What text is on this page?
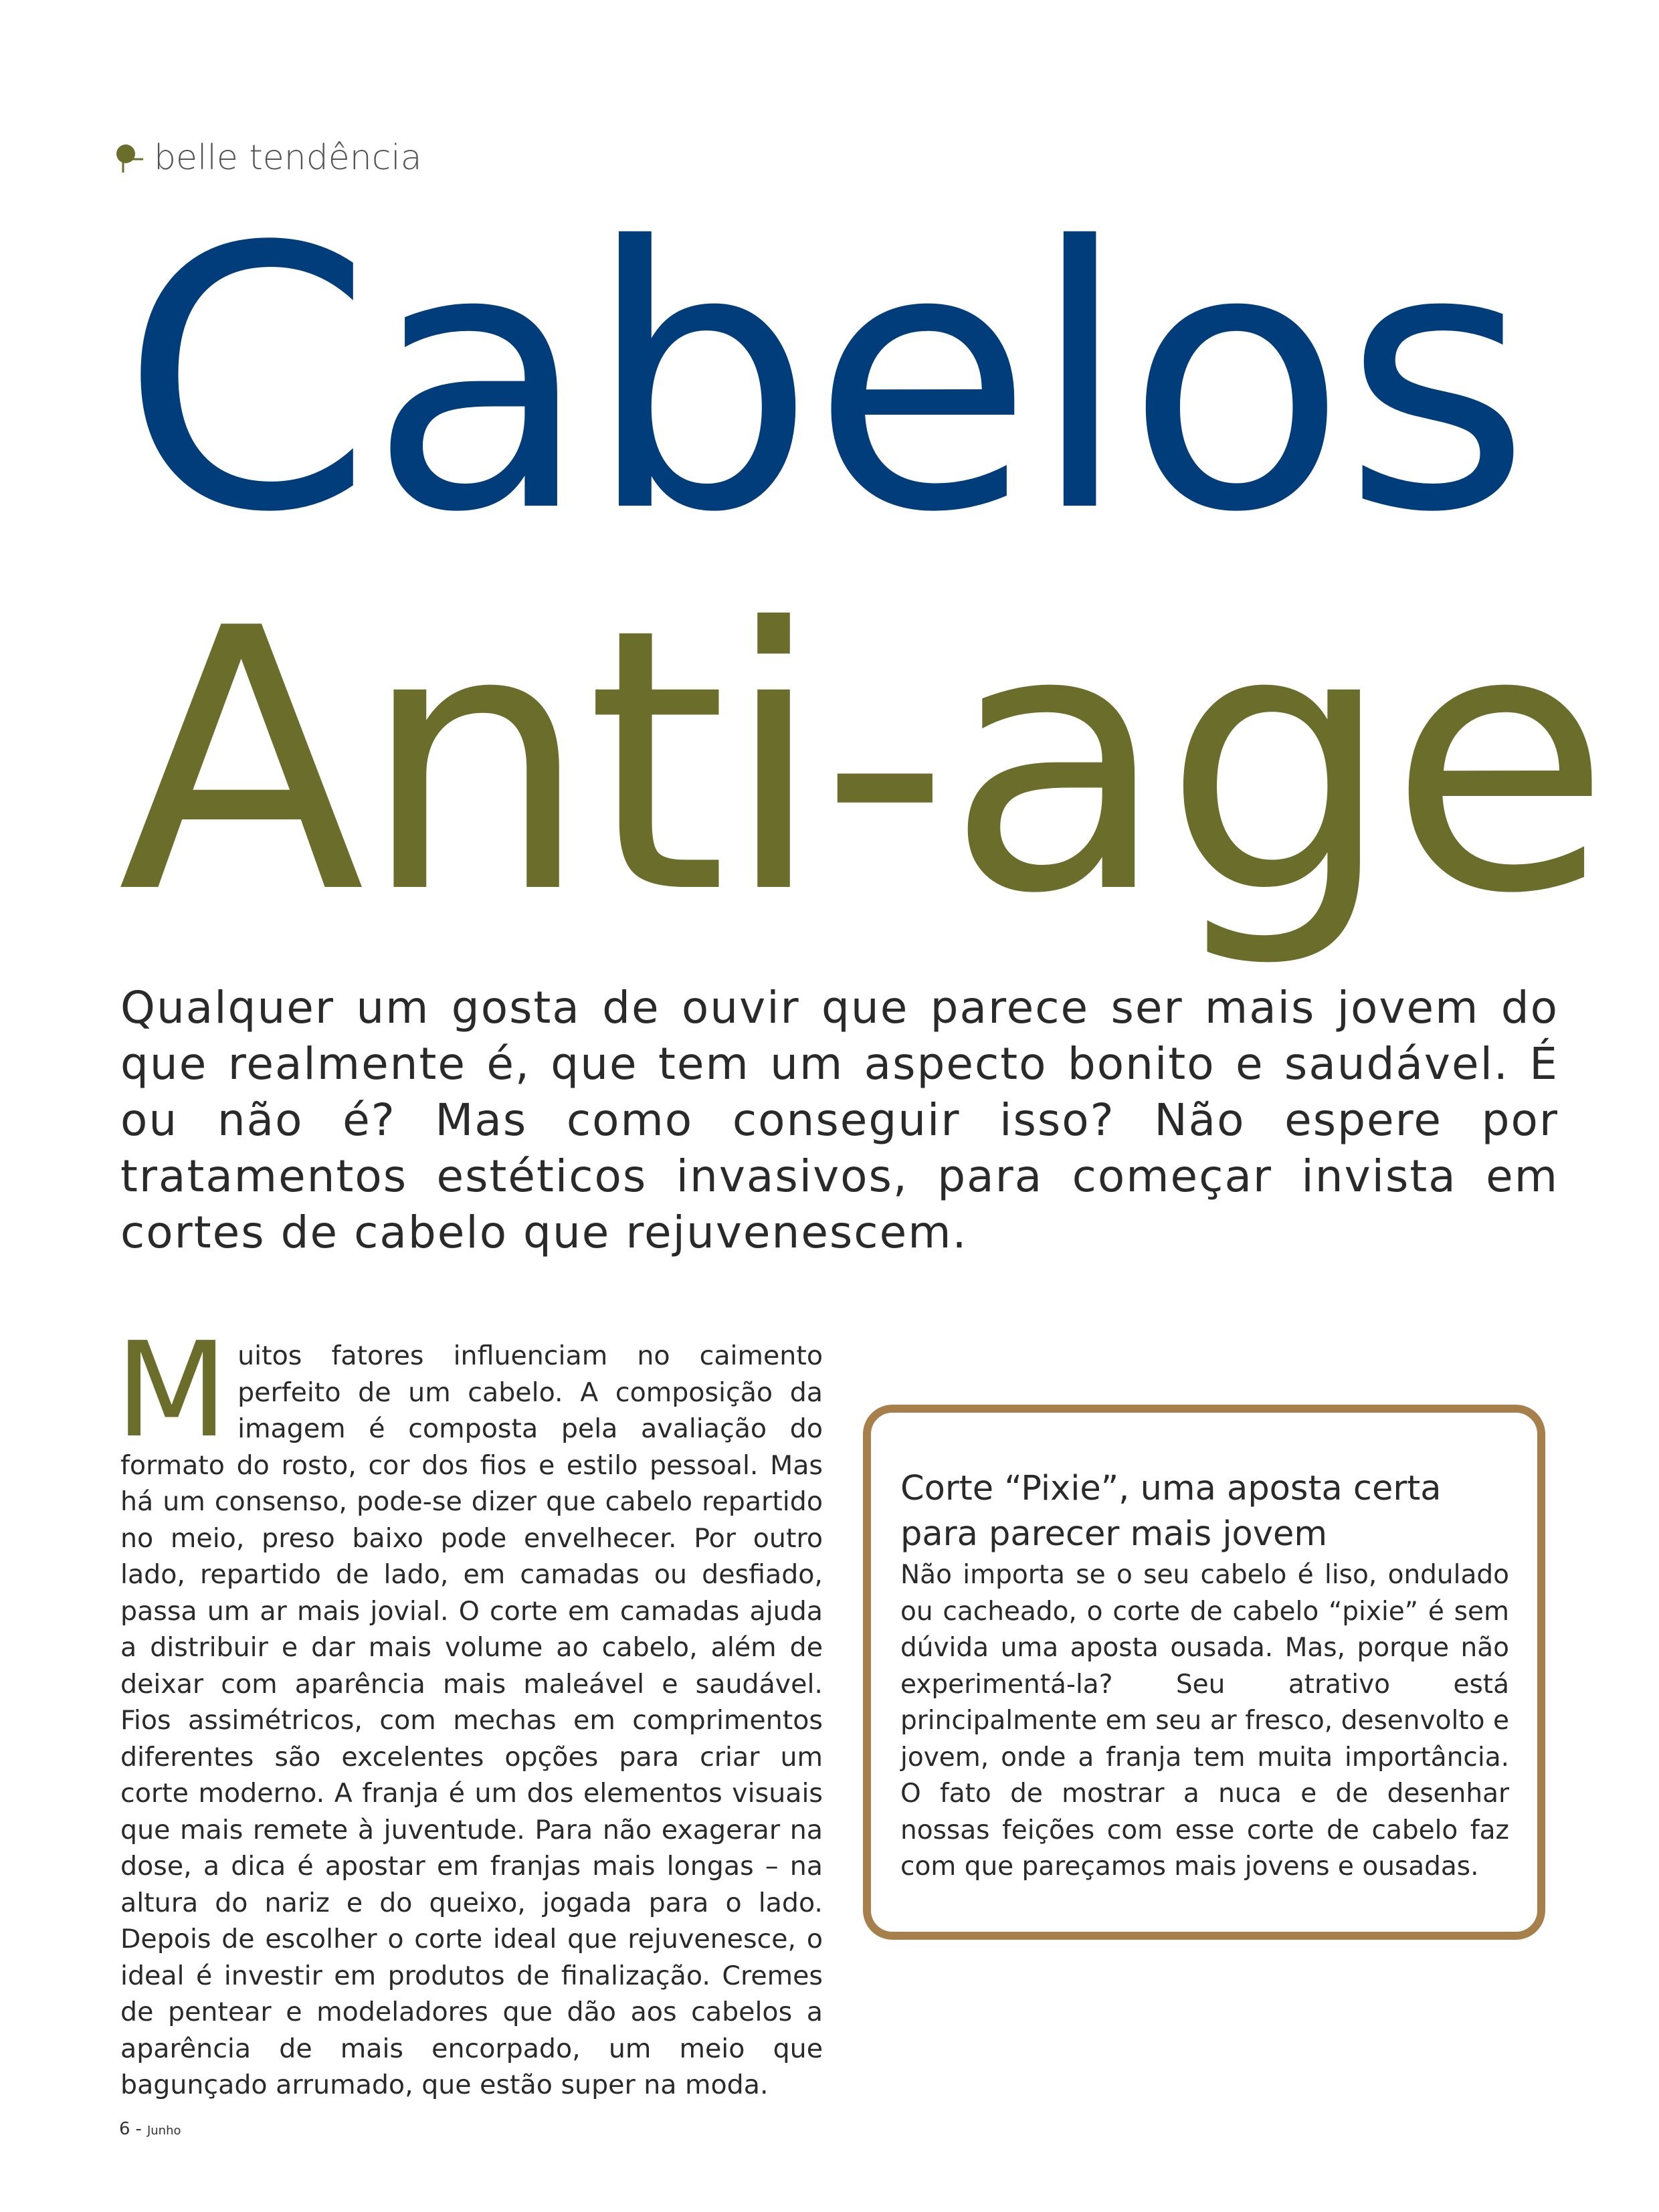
belle tendência
Cabelos
Anti-age

Qualquer um gosta de ouvir que parece ser mais jovem do que realmente é, que tem um aspecto bonito e saudável. É ou não é? Mas como conseguir isso? Não espere por tratamentos estéticos invasivos, para começar invista em cortes de cabelo que rejuvenescem.

M uitos fatores influenciam no caimento perfeito de um cabelo. A composição da imagem é composta pela avaliação do formato do rosto, cor dos fios e estilo pessoal. Mas há um consenso, pode-se dizer que cabelo repartido no meio, preso baixo pode envelhecer. Por outro lado, repartido de lado, em camadas ou desfiado, passa um ar mais jovial. O corte em camadas ajuda a distribuir e dar mais volume ao cabelo, além de deixar com aparência mais maleável e saudável. Fios assimétricos, com mechas em comprimentos diferentes são excelentes opções para criar um corte moderno. A franja é um dos elementos visuais que mais remete à juventude. Para não exagerar na dose, a dica é apostar em franjas mais longas – na altura do nariz e do queixo, jogada para o lado. Depois de escolher o corte ideal que rejuvenesce, o ideal é investir em produtos de finalização. Cremes de pentear e modeladores que dão aos cabelos a aparência de mais encorpado, um meio que bagunçado arrumado, que estão super na moda.
Corte “Pixie”, uma aposta certa para parecer mais jovem

Não importa se o seu cabelo é liso, ondulado ou cacheado, o corte de cabelo “pixie” é sem dúvida uma aposta ousada. Mas, porque não experimentá-la? Seu atrativo está principalmente em seu ar fresco, desenvolto e jovem, onde a franja tem muita importância. O fato de mostrar a nuca e de desenhar nossas feições com esse corte de cabelo faz com que pareçamos mais jovens e ousadas.

6 - Junho
